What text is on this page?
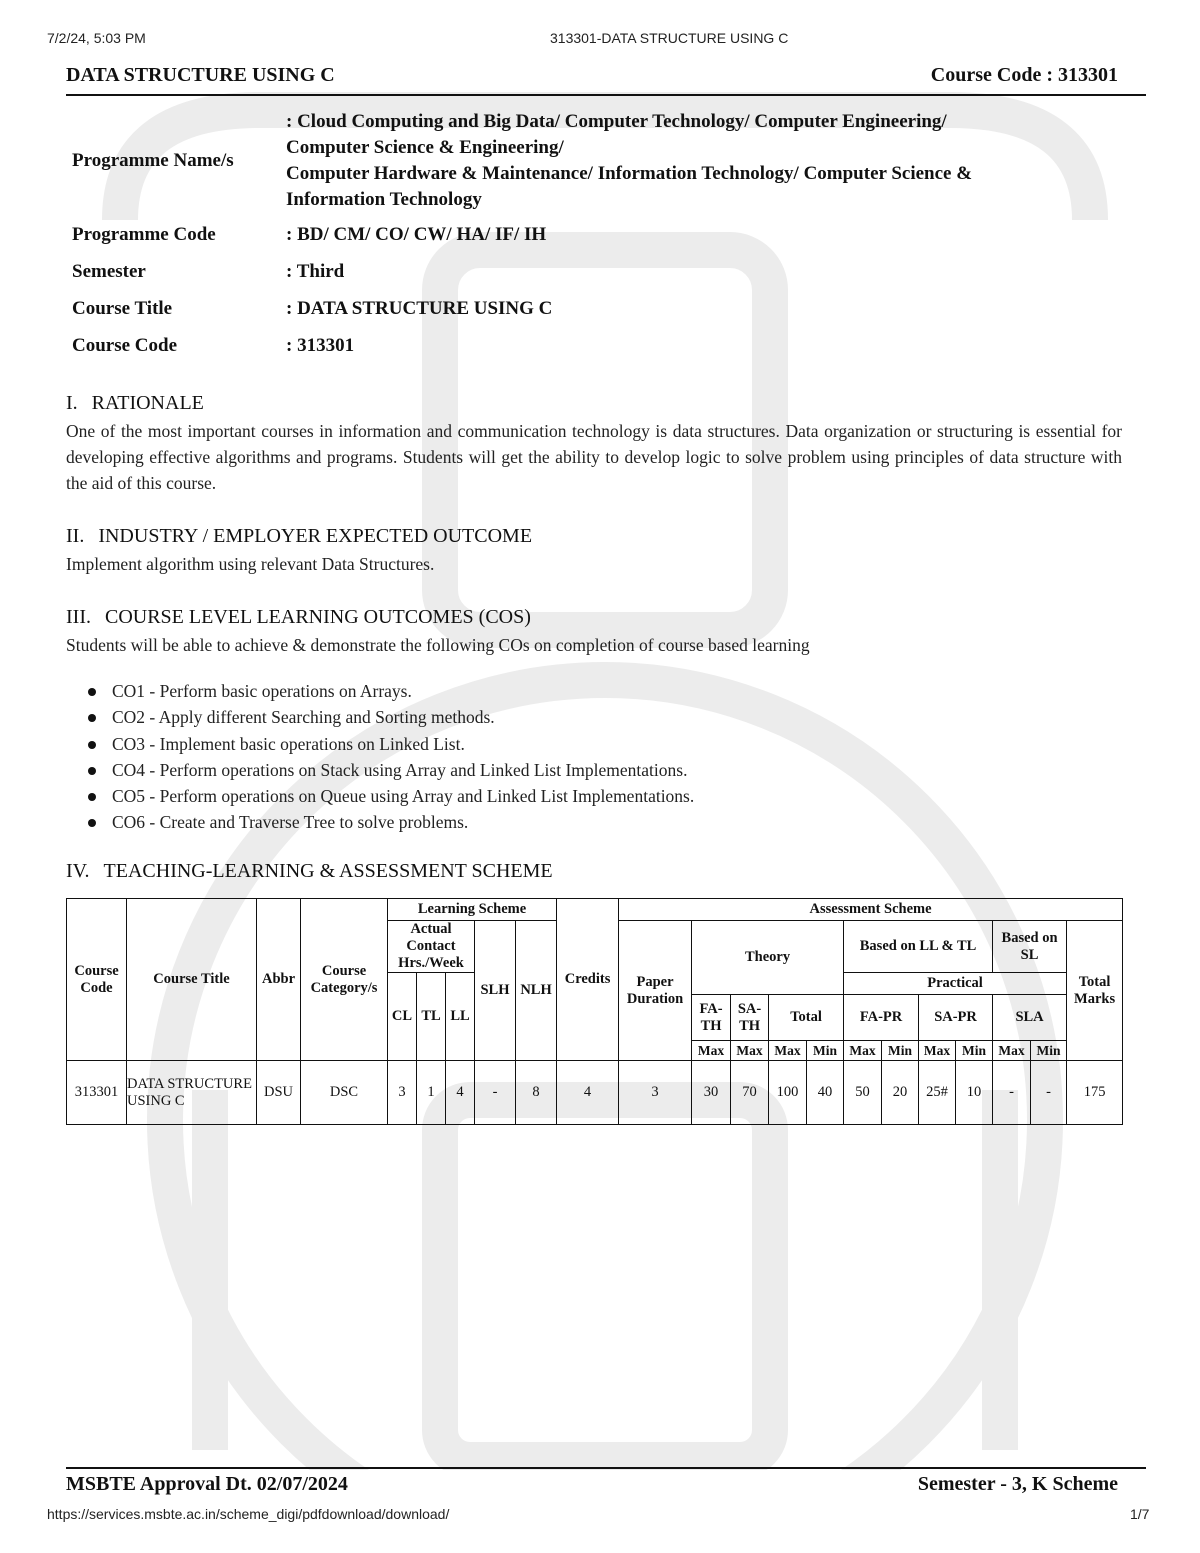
7/2/24, 5:03 PM	313301-DATA STRUCTURE USING C
DATA STRUCTURE USING C	Course Code : 313301
Programme Name/s	: Cloud Computing and Big Data/ Computer Technology/ Computer Engineering/
Computer Science & Engineering/
Computer Hardware & Maintenance/ Information Technology/ Computer Science &
Information Technology

Programme Code	: BD/ CM/ CO/ CW/ HA/ IF/ IH
Semester	: Third
Course Title	: DATA STRUCTURE USING C
Course Code	: 313301
I. RATIONALE
One of the most important courses in information and communication technology is data structures. Data organization or structuring is essential for developing effective algorithms and programs. Students will get the ability to develop logic to solve problem using principles of data structure with the aid of this course.
II. INDUSTRY / EMPLOYER EXPECTED OUTCOME
Implement algorithm using relevant Data Structures.
III. COURSE LEVEL LEARNING OUTCOMES (COS)
Students will be able to achieve & demonstrate the following COs on completion of course based learning
CO1 - Perform basic operations on Arrays.
CO2 - Apply different Searching and Sorting methods.
CO3 - Implement basic operations on Linked List.
CO4 - Perform operations on Stack using Array and Linked List Implementations.
CO5 - Perform operations on Queue using Array and Linked List Implementations.
CO6 - Create and Traverse Tree to solve problems.
IV. TEACHING-LEARNING & ASSESSMENT SCHEME
Course Code	Course Title	Abbr	Course Category/s	Learning Scheme					Credits	Assessment Scheme											
				Actual Contact Hrs./Week			SLH	NLH		Paper Duration	Theory				Based on LL & TL				Based on SL		Total Marks
				CL	TL	LL									Practical						
											FA-TH	SA-TH	Total		FA-PR		SA-PR		SLA		
											Max	Max	Max	Min	Max	Min	Max	Min	Max	Min	
313301	DATA STRUCTURE USING C	DSU	DSC	3	1	4	-	8	4	3	30	70	100	40	50	20	25#	10	-	-	175
MSBTE Approval Dt. 02/07/2024	Semester - 3, K Scheme
https://services.msbte.ac.in/scheme_digi/pdfdownload/download/	1/7
